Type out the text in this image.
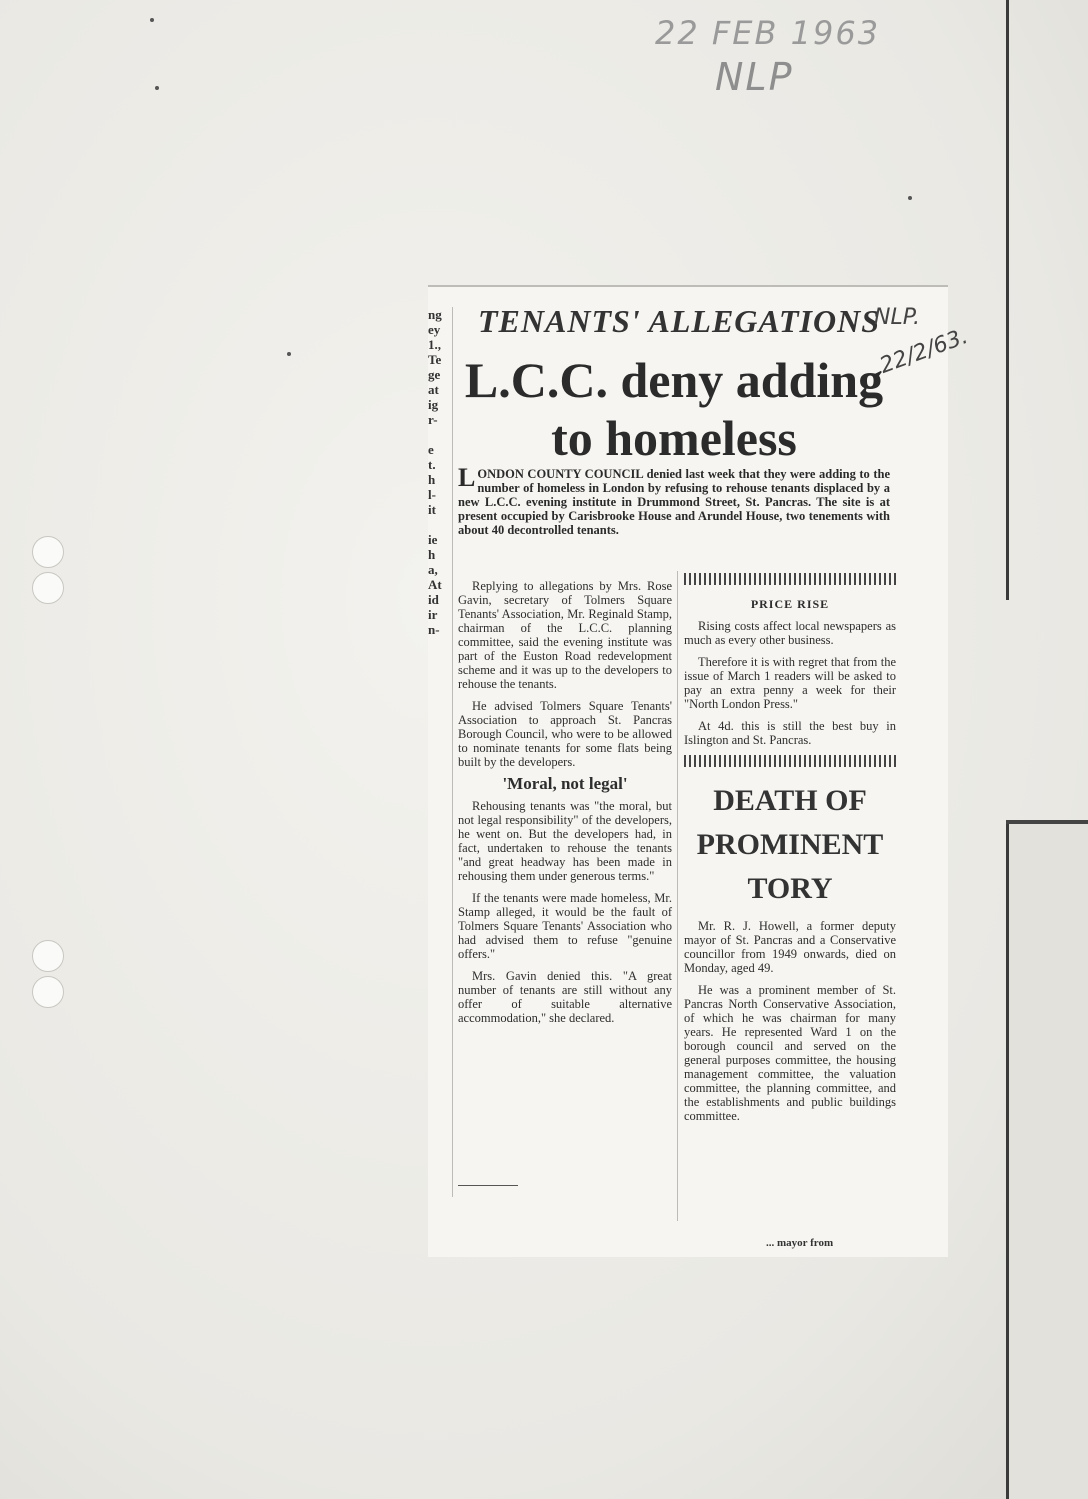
22 FEB 1963
NLP
ng
ey
1.,
Te
ge
at
ig
r-

e
t.
h
l-
it

ie
h
a,
At
id
ir
n-
TENANTS' ALLEGATIONS
NLP.
22/2/63.
L.C.C. deny adding to homeless
LONDON COUNTY COUNCIL denied last week that they were adding to the number of homeless in London by refusing to rehouse tenants displaced by a new L.C.C. evening institute in Drummond Street, St. Pancras. The site is at present occupied by Carisbrooke House and Arundel House, two tenements with about 40 decontrolled tenants.

Replying to allegations by Mrs. Rose Gavin, secretary of Tolmers Square Tenants' Association, Mr. Reginald Stamp, chairman of the L.C.C. planning committee, said the evening institute was part of the Euston Road redevelopment scheme and it was up to the developers to rehouse the tenants.

He advised Tolmers Square Tenants' Association to approach St. Pancras Borough Council, who were to be allowed to nominate tenants for some flats being built by the developers.

'Moral, not legal'

Rehousing tenants was "the moral, but not legal responsibility" of the developers, he went on. But the developers had, in fact, undertaken to rehouse the tenants "and great headway has been made in rehousing them under generous terms."

If the tenants were made homeless, Mr. Stamp alleged, it would be the fault of Tolmers Square Tenants' Association who had advised them to refuse "genuine offers."

Mrs. Gavin denied this. "A great number of tenants are still without any offer of suitable alternative accommodation," she declared.

PRICE RISE

Rising costs affect local newspapers as much as every other business.

Therefore it is with regret that from the issue of March 1 readers will be asked to pay an extra penny a week for their "North London Press."

At 4d. this is still the best buy in Islington and St. Pancras.

DEATH OF PROMINENT TORY

Mr. R. J. Howell, a former deputy mayor of St. Pancras and a Conservative councillor from 1949 onwards, died on Monday, aged 49.

He was a prominent member of St. Pancras North Conservative Association, of which he was chairman for many years. He represented Ward 1 on the borough council and served on the general purposes committee, the housing management committee, the valuation committee, the planning committee, and the establishments and public buildings committee.

... mayor from
